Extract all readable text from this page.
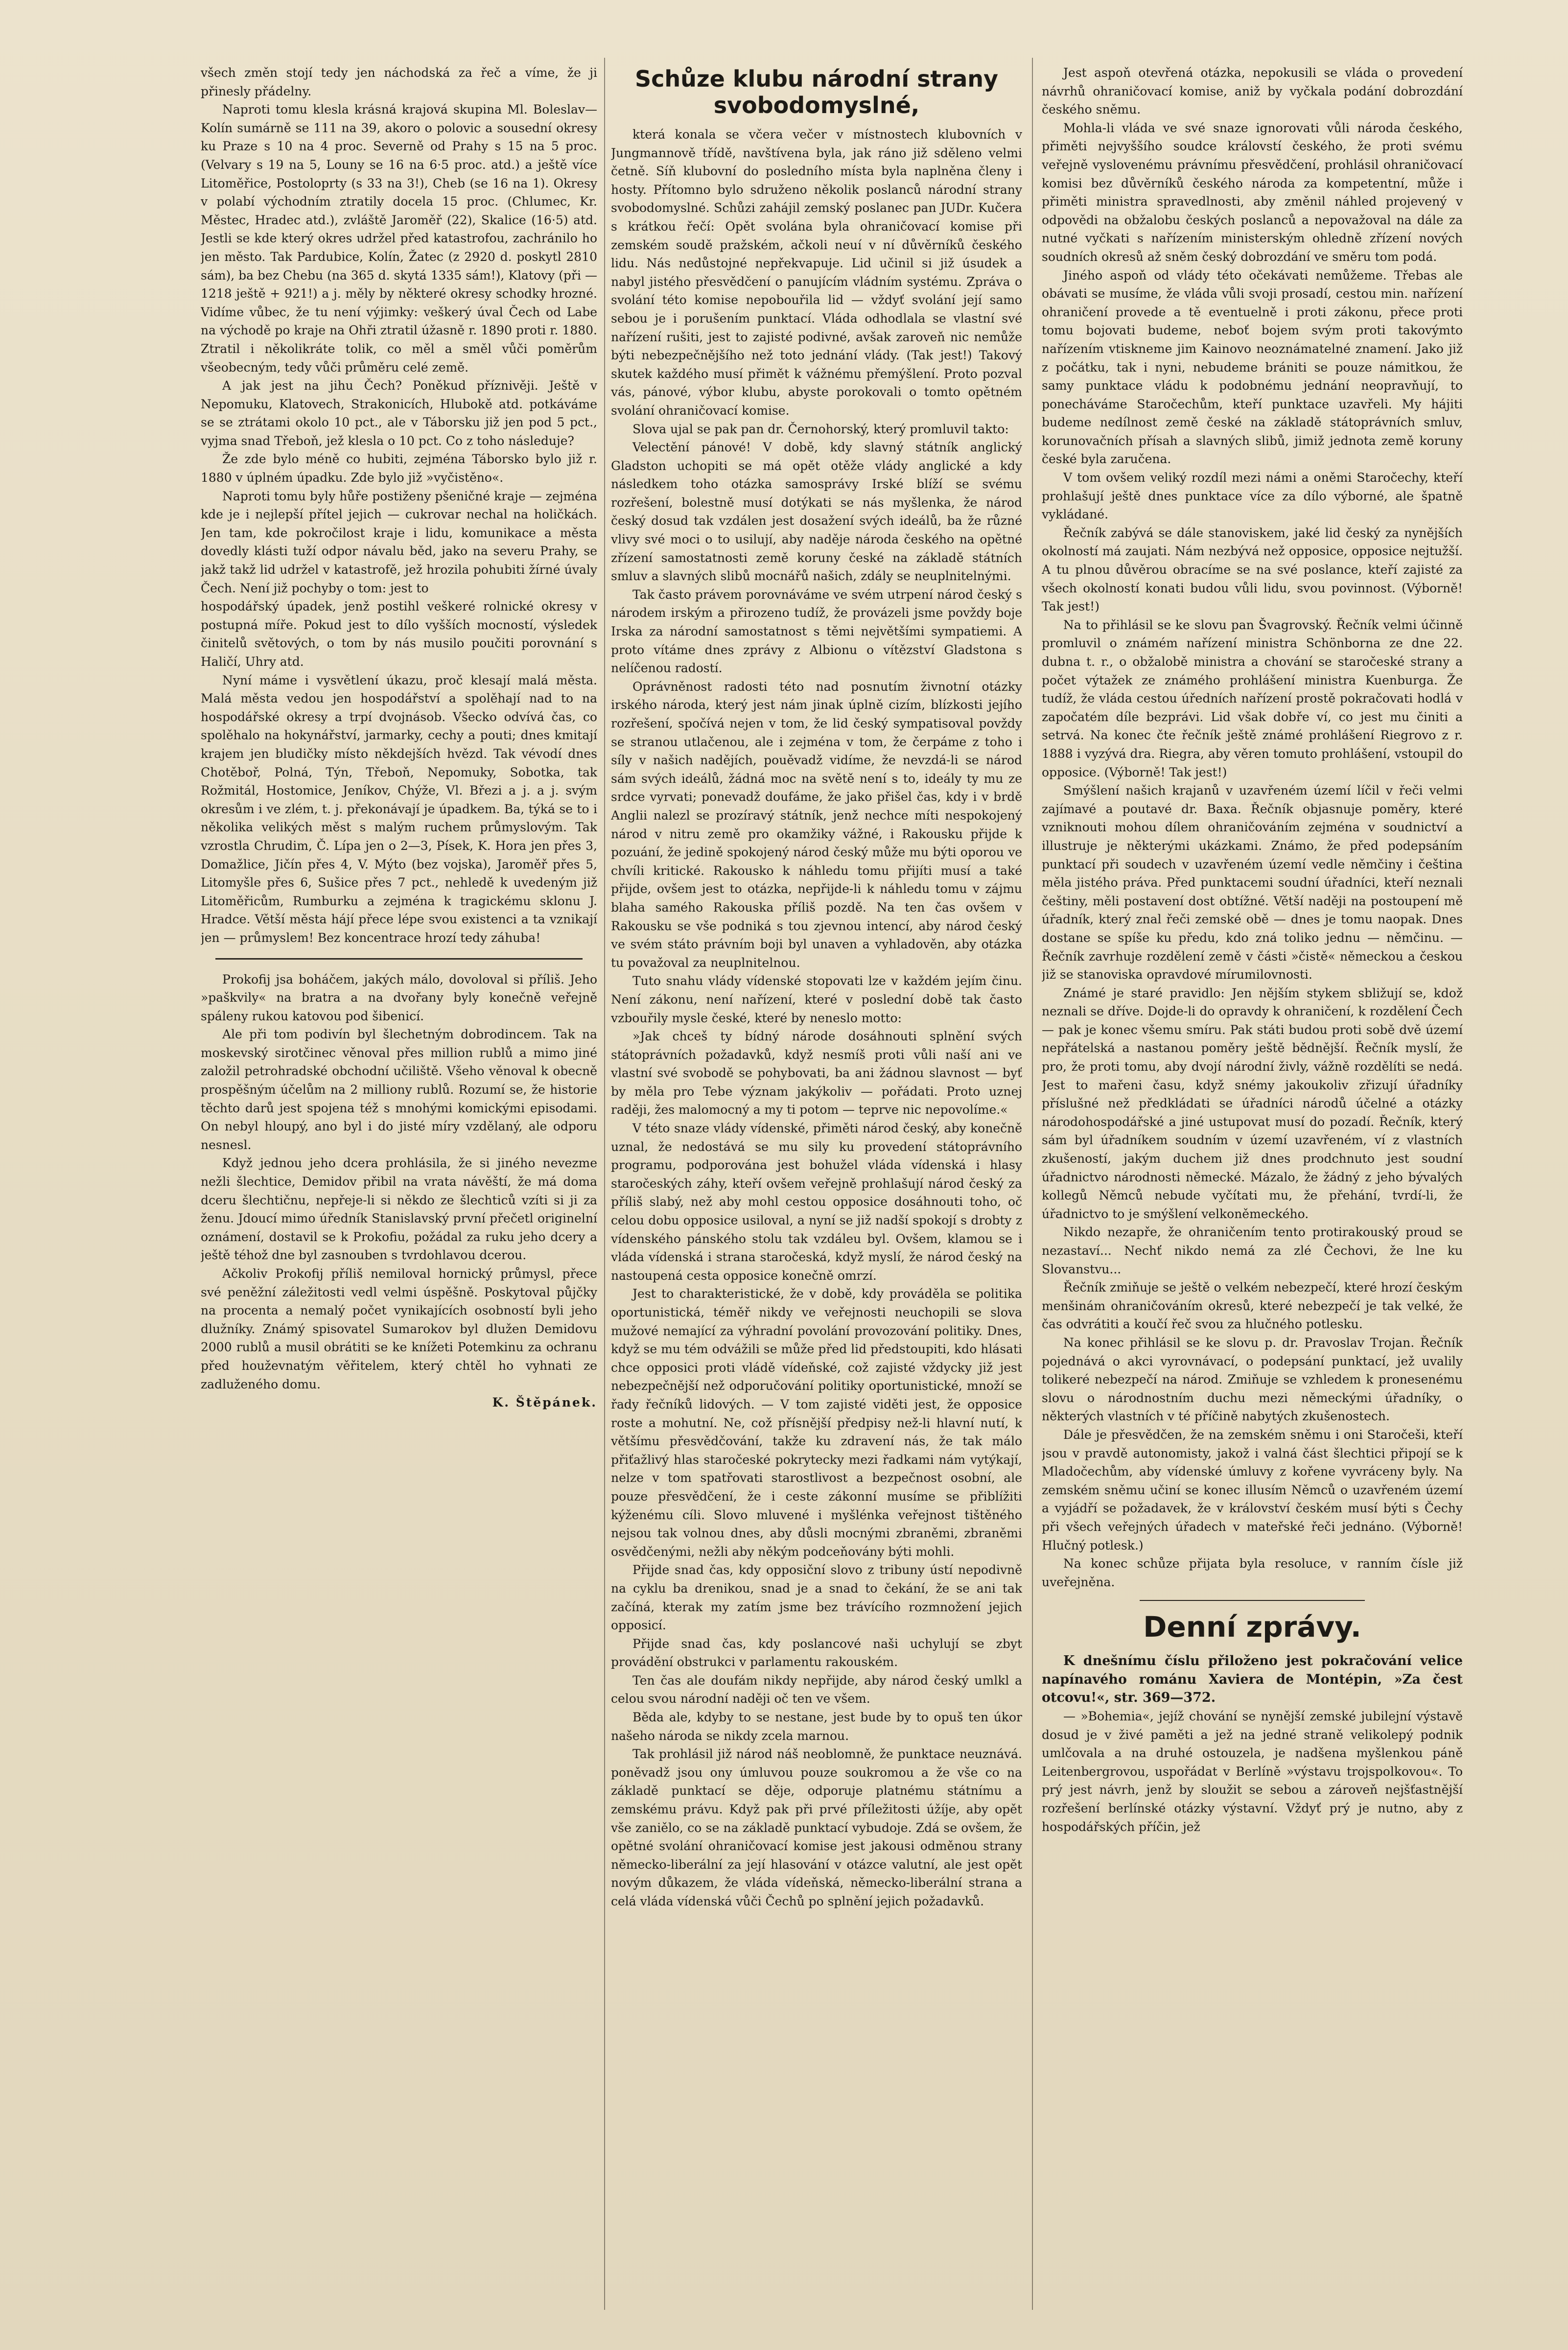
všech změn stojí tedy jen náchodská za řeč a víme, že ji přinesly přádelny.

Naproti tomu klesla krásná krajová skupina Ml. Boleslav—Kolín sumárně se 111 na 39, akoro o polovic a sousední okresy ku Praze s 10 na 4 proc. Severně od Prahy s 15 na 5 proc. (Velvary s 19 na 5, Louny se 16 na 6·5 proc. atd.) a ještě více Litoměřice, Postoloprty (s 33 na 3!), Cheb (se 16 na 1). Okresy v polabí východním ztratily docela 15 proc. (Chlumec, Kr. Městec, Hradec atd.), zvláště Jaroměř (22), Skalice (16·5) atd. Jestli se kde který okres udržel před katastrofou, zachránilo ho jen město. Tak Pardubice, Kolín, Žatec (z 2920 d. poskytl 2810 sám), ba bez Chebu (na 365 d. skytá 1335 sám!), Klatovy (při — 1218 ještě + 921!) a j. měly by některé okresy schodky hrozné. Vidíme vůbec, že tu není výjimky: veškerý úval Čech od Labe na východě po kraje na Ohři ztratil úžasně r. 1890 proti r. 1880. Ztratil i několikráte tolik, co měl a směl vůči poměrům všeobecným, tedy vůči průměru celé země.

A jak jest na jihu Čech? Poněkud příznivěji. Ještě v Nepomuku, Klatovech, Strakonicích, Hlubokě atd. potkáváme se se ztrátami okolo 10 pct., ale v Táborsku již jen pod 5 pct., vyjma snad Třeboň, jež klesla o 10 pct. Co z toho následuje?

Že zde bylo méně co hubiti, zejména Táborsko bylo již r. 1880 v úplném úpadku. Zde bylo již »vyčistěno«.

Naproti tomu byly hůře postiženy pšeničné kraje — zejména kde je i nejlepší přítel jejich — cukrovar nechal na holičkách. Jen tam, kde pokročilost kraje i lidu, komunikace a města dovedly klásti tuží odpor návalu běd, jako na severu Prahy, se jakž takž lid udržel v katastrofě, jež hrozila pohubiti žírné úvaly Čech. Není již pochyby o tom: jest to

hospodářský úpadek, jenž postihl veškeré rolnické okresy v postupná míře. Pokud jest to dílo vyšších mocností, výsledek činitelů světových, o tom by nás musilo poučiti porovnání s Haličí, Uhry atd.

Nyní máme i vysvětlení úkazu, proč klesají malá města. Malá města vedou jen hospodářství a spolěhají nad to na hospodářské okresy a trpí dvojnásob. Všecko odvívá čas, co spolěhalo na hokynářství, jarmarky, cechy a pouti; dnes kmitají krajem jen bludičky místo někdejších hvězd. Tak vévodí dnes Chotěboř, Polná, Týn, Třeboň, Nepomuky, Sobotka, tak Rožmitál, Hostomice, Jeníkov, Chýže, Vl. Březi a j. a j. svým okresům i ve zlém, t. j. překonávají je úpadkem. Ba, týká se to i několika velikých měst s malým ruchem průmyslovým. Tak vzrostla Chrudim, Č. Lípa jen o 2—3, Písek, K. Hora jen přes 3, Domažlice, Jičín přes 4, V. Mýto (bez vojska), Jaroměř přes 5, Litomyšle přes 6, Sušice přes 7 pct., nehledě k uvedeným již Litoměřicům, Rumburku a zejména k tragickému sklonu J. Hradce. Větší města hájí přece lépe svou existenci a ta vznikají jen — průmyslem! Bez koncentrace hrozí tedy záhuba!

Prokofij jsa boháčem, jakých málo, dovoloval si příliš. Jeho »paškvily« na bratra a na dvořany byly konečně veřejně spáleny rukou katovou pod šibenicí.

Ale při tom podivín byl šlechetným dobrodincem. Tak na moskevský sirotčinec věnoval přes million rublů a mimo jiné založil petrohradské obchodní učiliště. Všeho věnoval k obecně prospěšným účelům na 2 milliony rublů. Rozumí se, že historie těchto darů jest spojena též s mnohými komickými episodami. On nebyl hloupý, ano byl i do jisté míry vzdělaný, ale odporu nesnesl.

Když jednou jeho dcera prohlásila, že si jiného nevezme nežli šlechtice, Demidov přibil na vrata návěští, že má doma dceru šlechtičnu, nepřeje-li si někdo ze šlechticů vzíti si ji za ženu. Jdoucí mimo úředník Stanislavský první přečetl originelní oznámení, dostavil se k Prokofiu, požádal za ruku jeho dcery a ještě téhož dne byl zasnouben s tvrdohlavou dcerou.

Ačkoliv Prokofij příliš nemiloval hornický průmysl, přece své peněžní záležitosti vedl velmi úspěšně. Poskytoval půjčky na procenta a nemalý počet vynikajících osobností byli jeho dlužníky. Známý spisovatel Sumarokov byl dlužen Demidovu 2000 rublů a musil obrátiti se ke knížeti Potemkinu za ochranu před houževnatým věřitelem, který chtěl ho vyhnati ze zadluženého domu.

K. Štěpánek.

Schůze klubu národní strany svobodomyslné,

která konala se včera večer v místnostech klubovních v Jungmannově třídě, navštívena byla, jak ráno již sděleno velmi četně. Síň klubovní do posledního místa byla naplněna členy i hosty. Přítomno bylo sdruženo několik poslanců národní strany svobodomyslné. Schůzi zahájil zemský poslanec pan JUDr. Kučera s krátkou řečí: Opět svolána byla ohraničovací komise při zemském soudě pražském, ačkoli neuí v ní důvěrníků českého lidu. Nás nedůstojné nepřekvapuje. Lid učinil si již úsudek a nabyl jistého přesvědčení o panujícím vládním systému. Zpráva o svolání této komise nepobouřila lid — vždyť svolání její samo sebou je i porušením punktací. Vláda odhodlala se vlastní své nařízení rušiti, jest to zajisté podivné, avšak zaroveň nic nemůže býti nebezpečnějšího než toto jednání vlády. (Tak jest!) Takový skutek každého musí přimět k vážnému přemýšlení. Proto pozval vás, pánové, výbor klubu, abyste porokovali o tomto opětném svolání ohraničovací komise.

Slova ujal se pak pan dr. Černohorský, který promluvil takto:

Velectění pánové! V době, kdy slavný státník anglický Gladston uchopiti se má opět otěže vlády anglické a kdy následkem toho otázka samosprávy Irské blíží se svému rozřešení, bolestně musí dotýkati se nás myšlenka, že národ český dosud tak vzdálen jest dosažení svých ideálů, ba že různé vlivy své moci o to usilují, aby naděje národa českého na opětné zřízení samostatnosti země koruny české na základě státních smluv a slavných slibů mocnářů našich, zdály se neuplnitelnými.

Tak často právem porovnáváme ve svém utrpení národ český s národem irským a přirozeno tudíž, že provázeli jsme povždy boje Irska za národní samostatnost s těmi největšími sympatiemi. A proto vítáme dnes zprávy z Albionu o vítězství Gladstona s nelíčenou radostí.

Oprávněnost radosti této nad posnutím živnotní otázky irského národa, který jest nám jinak úplně cizím, blízkosti jejího rozřešení, spočívá nejen v tom, že lid český sympatisoval povždy se stranou utlačenou, ale i zejména v tom, že čerpáme z toho i síly v našich nadějích, pouěvadž vidíme, že nevzdá-li se národ sám svých ideálů, žádná moc na světě není s to, ideály ty mu ze srdce vyrvati; ponevadž doufáme, že jako přišel čas, kdy i v brdě Anglii nalezl se prozíravý státník, jenž nechce míti nespokojený národ v nitru země pro okamžiky vážné, i Rakousku přijde k pozuání, že jedině spokojený národ český může mu býti oporou ve chvíli kritické. Rakousko k náhledu tomu přijíti musí a také přijde, ovšem jest to otázka, nepřijde-li k náhledu tomu v zájmu blaha samého Rakouska příliš pozdě. Na ten čas ovšem v Rakousku se vše podniká s tou zjevnou intencí, aby národ český ve svém státo právním boji byl unaven a vyhladověn, aby otázka tu považoval za neuplnitelnou.

Tuto snahu vlády vídenské stopovati lze v každém jejím činu. Není zákonu, není nařízení, které v poslední době tak často vzbouřily mysle české, které by neneslo motto:

»Jak chceš ty bídný národe dosáhnouti splnění svých státoprávních požadavků, když nesmíš proti vůli naší ani ve vlastní své svobodě se pohybovati, ba ani žádnou slavnost — byť by měla pro Tebe význam jakýkoliv — pořádati. Proto uznej raději, žes malomocný a my ti potom — teprve nic nepovolíme.«

V této snaze vlády vídenské, přiměti národ český, aby konečně uznal, že nedostává se mu sily ku provedení státoprávního programu, podporována jest bohužel vláda vídenská i hlasy staročeských záhy, kteří ovšem veřejně prohlašují národ český za příliš slabý, než aby mohl cestou opposice dosáhnouti toho, oč celou dobu opposice usiloval, a nyní se již nadší spokojí s drobty z vídenského pánského stolu tak vzdáleu byl. Ovšem, klamou se i vláda vídenská i strana staročeská, když myslí, že národ český na nastoupená cesta opposice konečně omrzí.

Jest to charakteristické, že v době, kdy prováděla se politika oportunistická, téměř nikdy ve veřejnosti neuchopili se slova mužové nemající za výhradní povolání provozování politiky. Dnes, když se mu tém odvážili se může před lid předstoupiti, kdo hlásati chce opposici proti vládě vídeňské, což zajisté vždycky již jest nebezpečnější než odporučování politiky oportunistické, množí se řady řečníků lidových. — V tom zajisté viděti jest, že opposice roste a mohutní. Ne, což přísnější předpisy než-li hlavní nutí, k většímu přesvědčování, takže ku zdravení nás, že tak málo přiťažlivý hlas staročeské pokrytecky mezi řadkami nám vytýkají, nelze v tom spatřovati starostlivost a bezpečnost osobní, ale pouze přesvědčení, že i ceste zákonní musíme se přiblížiti kýženému cíli. Slovo mluvené i myšlénka veřejnost tištěného nejsou tak volnou dnes, aby důsli mocnými zbraněmi, zbraněmi osvědčenými, nežli aby někým podceňovány býti mohli.

Přijde snad čas, kdy opposiční slovo z tribuny ústí nepodivně na cyklu ba drenikou, snad je a snad to čekání, že se ani tak začíná, kterak my zatím jsme bez trávícího rozmnožení jejich opposicí.

Přijde snad čas, kdy poslancové naši uchylují se zbyt provádění obstrukci v parlamentu rakouském.

Ten čas ale doufám nikdy nepřijde, aby národ český umlkl a celou svou národní naději oč ten ve všem.

Běda ale, kdyby to se nestane, jest bude by to opuš ten úkor našeho národa se nikdy zcela marnou.

Tak prohlásil již národ náš neoblomně, že punktace neuznává. poněvadž jsou ony úmluvou pouze soukromou a že vše co na základě punktací se děje, odporuje platnému státnímu a zemskému právu. Když pak při prvé příležitosti úžíje, aby opět vše zaniělo, co se na základě punktací vybudoje. Zdá se ovšem, že opětné svolání ohraničovací komise jest jakousi odměnou strany německo-liberální za její hlasování v otázce valutní, ale jest opět novým důkazem, že vláda vídeňská, německo-liberální strana a celá vláda vídenská vůči Čechů po splnění jejich požadavků.

Jest aspoň otevřená otázka, nepokusili se vláda o provedení návrhů ohraničovací komise, aniž by vyčkala podání dobrozdání českého sněmu.

Mohla-li vláda ve své snaze ignorovati vůli národa českého, přiměti nejvyššího soudce královstí českého, že proti svému veřejně vyslovenému právnímu přesvědčení, prohlásil ohraničovací komisi bez důvěrníků českého národa za kompetentní, může i přiměti ministra spravedlnosti, aby změnil náhled projevený v odpovědi na obžalobu českých poslanců a nepovažoval na dále za nutné vyčkati s nařízením ministerským ohledně zřízení nových soudních okresů až sněm český dobrozdání ve směru tom podá.

Jiného aspoň od vlády této očekávati nemůžeme. Třebas ale obávati se musíme, že vláda vůli svoji prosadí, cestou min. nařízení ohraničení provede a tě eventuelně i proti zákonu, přece proti tomu bojovati budeme, neboť bojem svým proti takovýmto nařízením vtiskneme jim Kainovo neoznámatelné znamení. Jako již z počátku, tak i nyni, nebudeme brániti se pouze námitkou, že samy punktace vládu k podobnému jednání neopravňují, to ponecháváme Staročechům, kteří punktace uzavřeli. My hájiti budeme nedílnost země české na základě státoprávních smluv, korunovačních přísah a slavných slibů, jimiž jednota země koruny české byla zaručena.

V tom ovšem veliký rozdíl mezi námi a oněmi Staročechy, kteří prohlašují ještě dnes punktace více za dílo výborné, ale špatně vykládané.

Řečník zabývá se dále stanoviskem, jaké lid český za nynějších okolností má zaujati. Nám nezbývá než opposice, opposice nejtužší. A tu plnou důvěrou obracíme se na své poslance, kteří zajisté za všech okolností konati budou vůli lidu, svou povinnost. (Výborně! Tak jest!)

Na to přihlásil se ke slovu pan Švagrovský. Řečník velmi účinně promluvil o známém nařízení ministra Schönborna ze dne 22. dubna t. r., o obžalobě ministra a chování se staročeské strany a počet výtažek ze známého prohlášení ministra Kuenburga. Že tudíž, že vláda cestou úředních nařízení prostě pokračovati hodlá v započatém díle bezprávi. Lid však dobře ví, co jest mu činiti a setrvá. Na konec čte řečník ještě známé prohlášení Riegrovo z r. 1888 i vyzývá dra. Riegra, aby věren tomuto prohlášení, vstoupil do opposice. (Výborně! Tak jest!)

Smýšlení našich krajanů v uzavřeném území líčil v řeči velmi zajímavé a poutavé dr. Baxa. Řečník objasnuje poměry, které vzniknouti mohou dílem ohraničováním zejména v soudnictví a illustruje je některými ukázkami. Známo, že před podepsáním punktací při soudech v uzavřeném území vedle němčiny i čeština měla jistého práva. Před punktacemi soudní úřadníci, kteří neznali češtiny, měli postavení dost obtížné. Větší naději na postoupení mě úřadník, který znal řeči zemské obě — dnes je tomu naopak. Dnes dostane se spíše ku předu, kdo zná toliko jednu — němčinu. — Řečník zavrhuje rozdělení země v části »čistě« německou a českou již se stanoviska opravdové mírumilovnosti.

Známé je staré pravidlo: Jen nějším stykem sbližují se, kdož neznali se dříve. Dojde-li do opravdy k ohraničení, k rozdělení Čech — pak je konec všemu smíru. Pak státi budou proti sobě dvě území nepřátelská a nastanou poměry ještě bědnější. Řečník myslí, že pro, že proti tomu, aby dvojí národní živly, vážně rozdělíti se nedá. Jest to mařeni času, když snémy jakoukoliv zřizují úřadníky příslušné než předkládati se úřadníci národů účelné a otázky národohospodářské a jiné ustupovat musí do pozadí. Řečník, který sám byl úřadníkem soudním v území uzavřeném, ví z vlastních zkušeností, jakým duchem již dnes prodchnuto jest soudní úřadnictvo národnosti německé. Mázalo, že žádný z jeho bývalých kollegů Němců nebude vyčítati mu, že přehání, tvrdí-li, že úřadnictvo to je smýšlení velkoněmeckého.

Nikdo nezapře, že ohraničením tento protirakouský proud se nezastaví... Nechť nikdo nemá za zlé Čechovi, že lne ku Slovanstvu...

Řečník zmiňuje se ještě o velkém nebezpečí, které hrozí českým menšinám ohraničováním okresů, které nebezpečí je tak velké, že čas odvrátiti a koučí řeč svou za hlučného potlesku.

Na konec přihlásil se ke slovu p. dr. Pravoslav Trojan. Řečník pojednává o akci vyrovnávací, o podepsání punktací, jež uvalily tolikeré nebezpečí na národ. Zmiňuje se vzhledem k pronesenému slovu o národnostním duchu mezi německými úřadníky, o některých vlastních v té příčině nabytých zkušenostech.

Dále je přesvědčen, že na zemském sněmu i oni Staročeši, kteří jsou v pravdě autonomisty, jakož i valná část šlechtici připojí se k Mladočechům, aby vídenské úmluvy z kořene vyvráceny byly. Na zemském sněmu učiní se konec illusím Němců o uzavřeném území a vyjádří se požadavek, že v království českém musí býti s Čechy při všech veřejných úřadech v mateřské řeči jednáno. (Výborně! Hlučný potlesk.)

Na konec schůze přijata byla resoluce, v ranním čísle již uveřejněna.

Denní zprávy.

K dnešnímu číslu přiloženo jest pokračování velice napínavého románu Xaviera de Montépin, »Za čest otcovu!«, str. 369—372.

— »Bohemia«, jejíž chování se nynější zemské jubilejní výstavě dosud je v živé paměti a jež na jedné straně velikolepý podnik umlčovala a na druhé ostouzela, je nadšena myšlenkou páně Leitenbergrovou, uspořádat v Berlíně »výstavu trojspolkovou«. To prý jest návrh, jenž by sloužit se sebou a zároveň nejšťastnější rozřešení berlínské otázky výstavní. Vždyť prý je nutno, aby z hospodářských příčin, jež
